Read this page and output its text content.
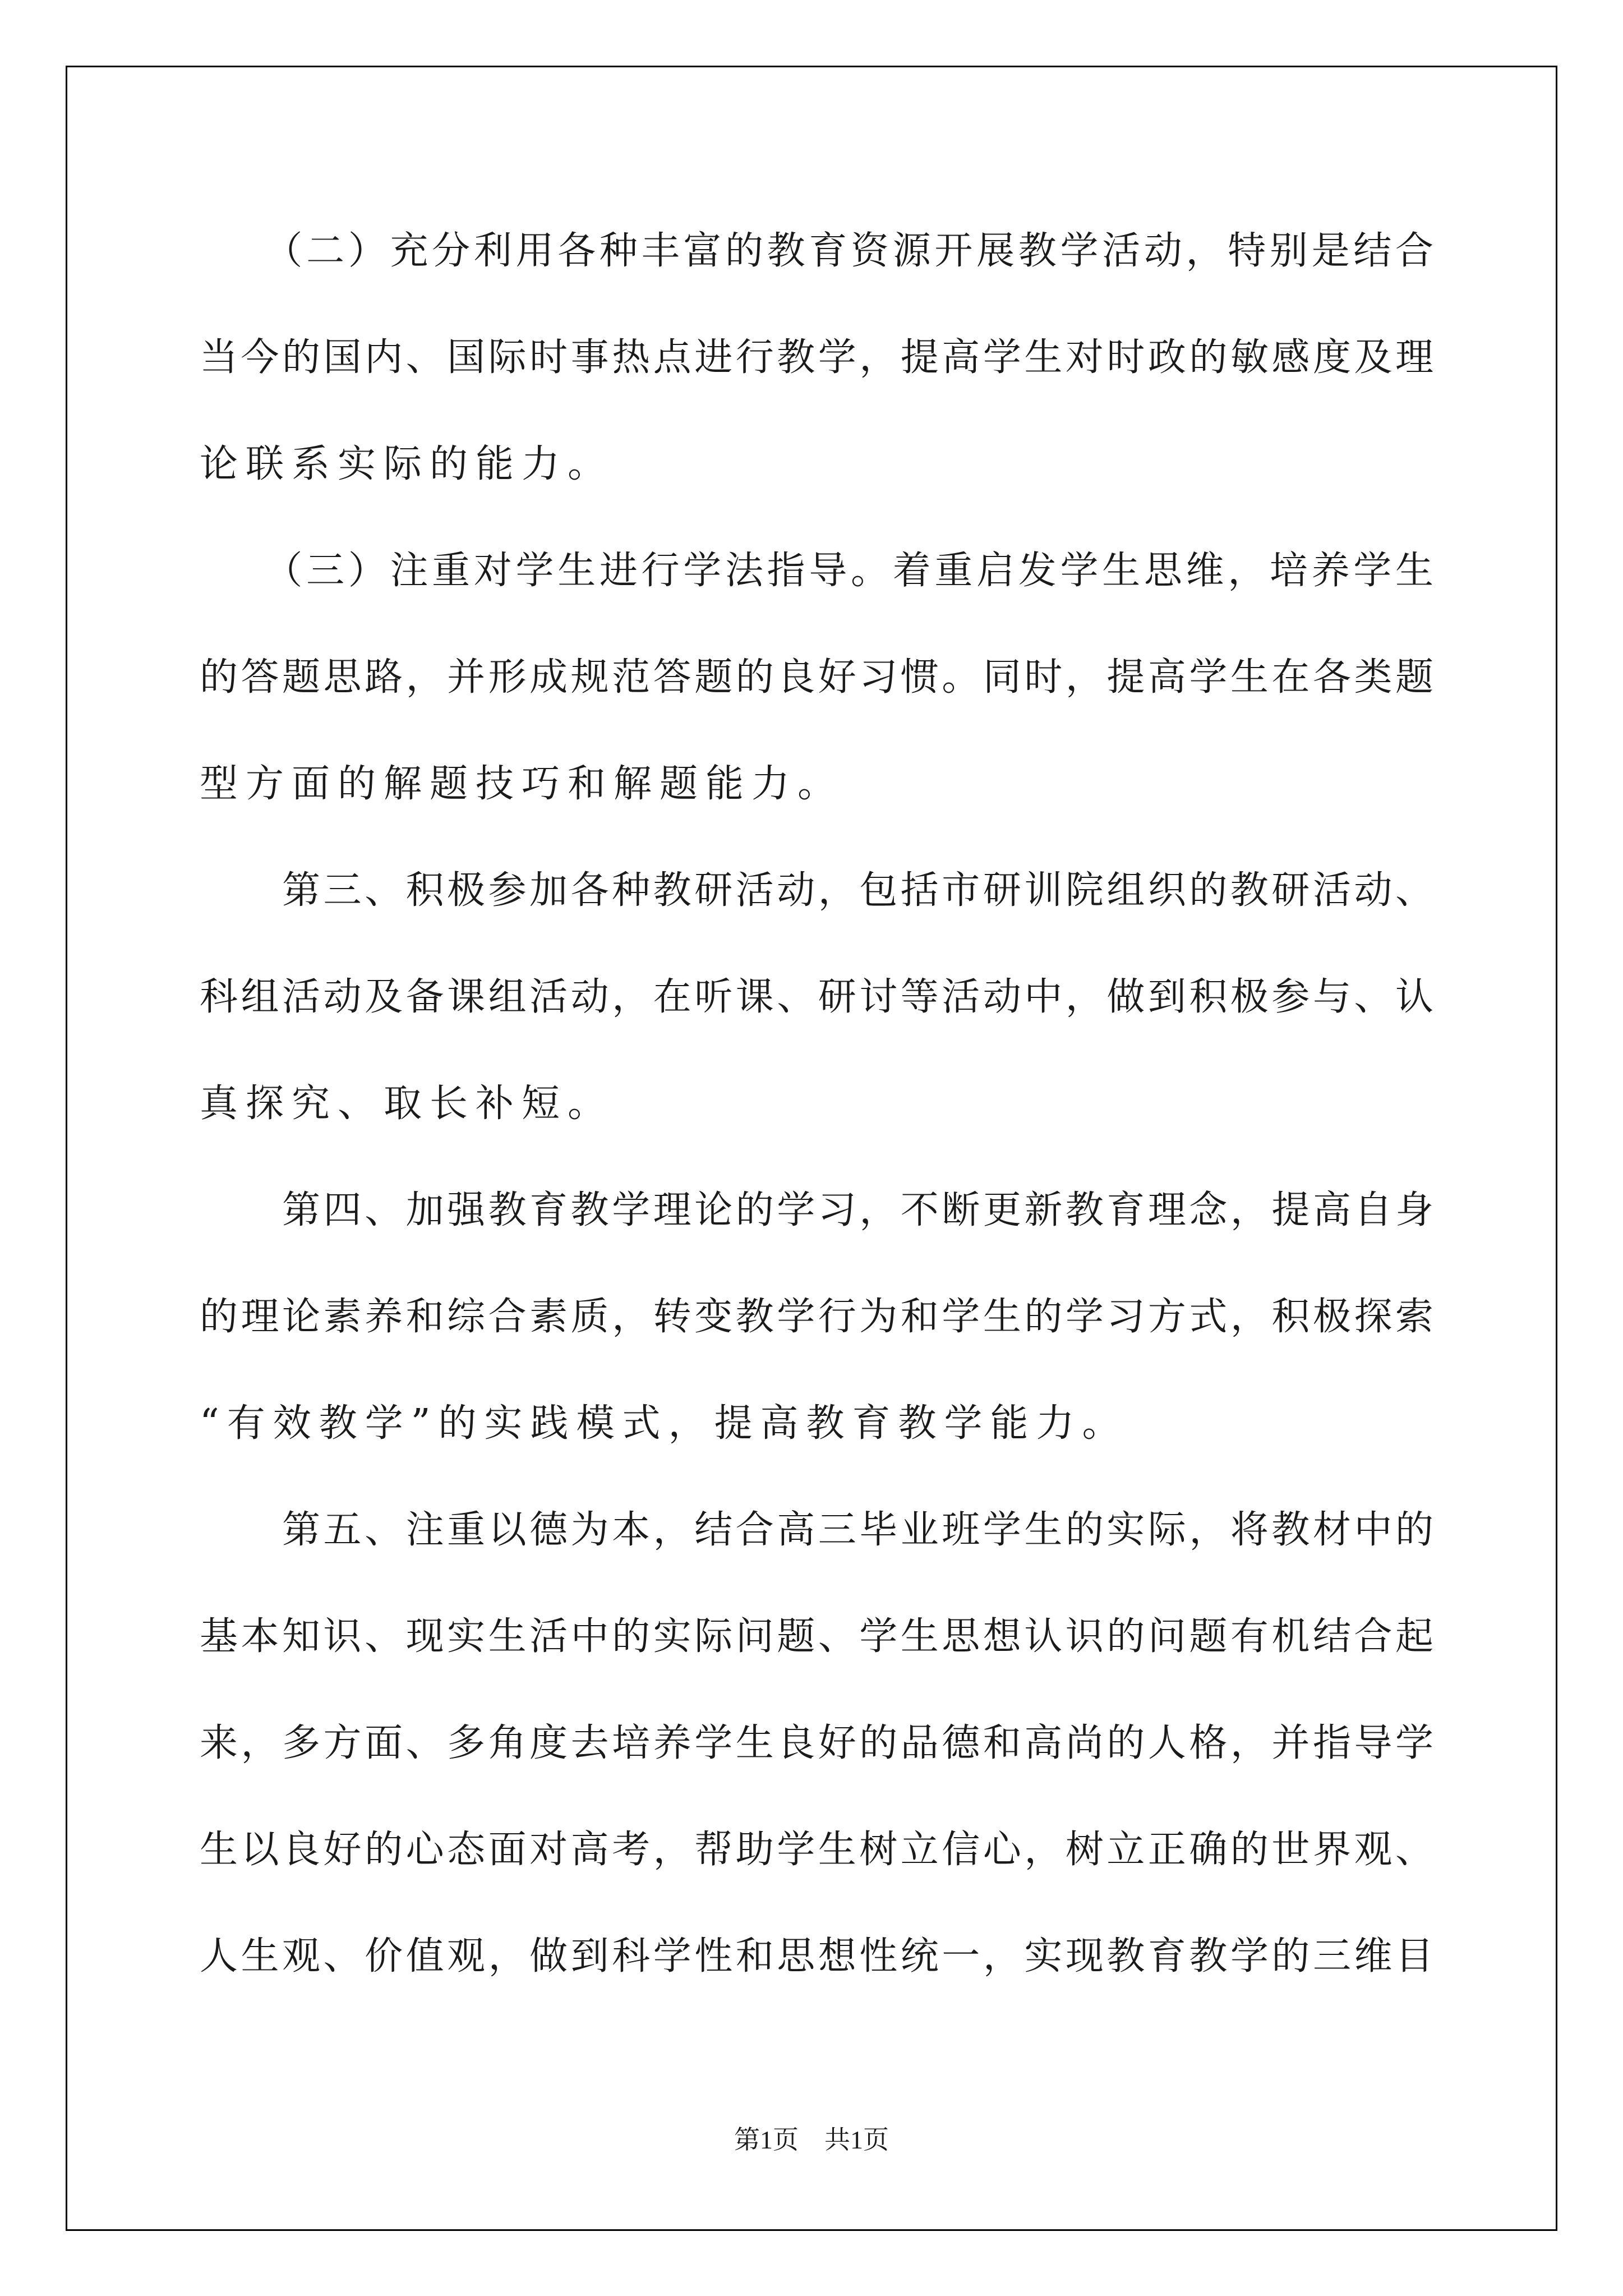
　　（二）充分利用各种丰富的教育资源开展教学活动，特别是结合
当今的国内、国际时事热点进行教学，提高学生对时政的敏感度及理
论联系实际的能力。
　　（三）注重对学生进行学法指导。着重启发学生思维，培养学生
的答题思路，并形成规范答题的良好习惯。同时，提高学生在各类题
型方面的解题技巧和解题能力。
　　第三、积极参加各种教研活动，包括市研训院组织的教研活动、
科组活动及备课组活动，在听课、研讨等活动中，做到积极参与、认
真探究、取长补短。
　　第四、加强教育教学理论的学习，不断更新教育理念，提高自身
的理论素养和综合素质，转变教学行为和学生的学习方式，积极探索
“有效教学”的实践模式，提高教育教学能力。
　　第五、注重以德为本，结合高三毕业班学生的实际，将教材中的
基本知识、现实生活中的实际问题、学生思想认识的问题有机结合起
来，多方面、多角度去培养学生良好的品德和高尚的人格，并指导学
生以良好的心态面对高考，帮助学生树立信心，树立正确的世界观、
人生观、价值观，做到科学性和思想性统一，实现教育教学的三维目
第1页　共1页
